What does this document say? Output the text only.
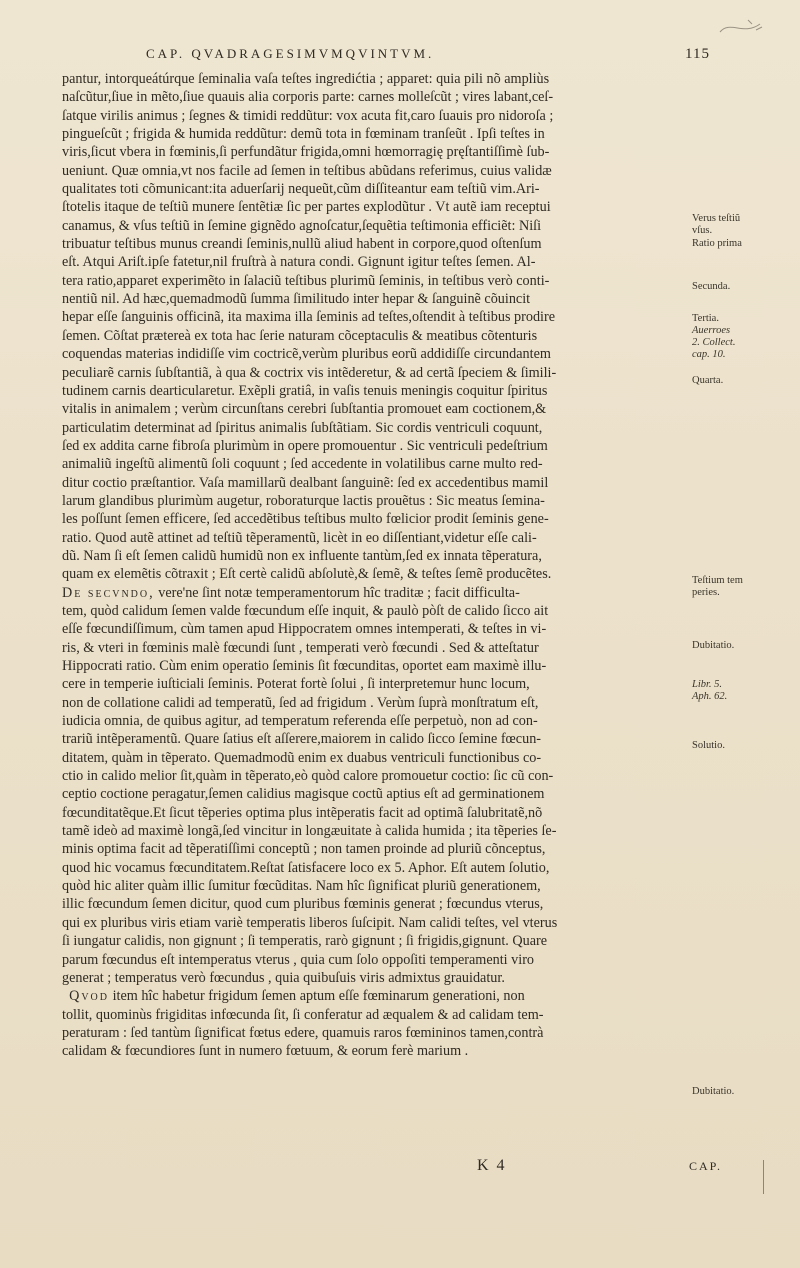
CAP. QVADRAGESIMVMQVINTVM.	115

pantur, intorqueátúrque ſeminalia vaſa teſtes ingredićtia ; apparet: quia pili nõ ampliùs

naſcũtur,ſiue in mẽto,ſiue quauis alia corporis parte: carnes molleſcũt ; vires labant,ceſ-

ſatque virilis animus ; ſegnes & timidi reddũtur: vox acuta fit,caro ſuauis pro nidoroſa ;

pingueſcũt ; frigida & humida reddũtur: demũ tota in fœminam tranſeũt . Ipſi teſtes in

viris,ſicut vbera in fœminis,ſi perfundãtur frigida,omni hœmorragię pręſtantiſſimè ſub-

ueniunt. Quæ omnia,vt nos facile ad ſemen in teſtibus abũdans referimus, cuius validæ

qualitates toti cõmunicant:ita aduerſarij nequeũt,cũm diſſiteantur eam teſtiũ vim.Ari-

ſtotelis itaque de teſtiũ munere ſentẽtiæ ſic per partes explodũtur . Vt autẽ iam receptui

canamus, & vſus teſtiũ in ſemine gignẽdo agnoſcatur,ſequẽtia teſtimonia efficiẽt: Niſi

tribuatur teſtibus munus creandi ſeminis,nullũ aliud habent in corpore,quod oſtenſum

eſt. Atqui Ariſt.ipſe fatetur,nil fruſtrà à natura condi. Gignunt igitur teſtes ſemen. Al-

tera ratio,apparet experimẽto in ſalaciũ teſtibus plurimũ ſeminis, in teſtibus verò conti-

nentiũ nil. Ad hæc,quemadmodũ ſumma ſimilitudo inter hepar & ſanguinẽ cõuincit

hepar eſſe ſanguinis officinã, ita maxima illa ſeminis ad teſtes,oſtendit à teſtibus prodire

ſemen. Cõſtat prætereà ex tota hac ſerie naturam cõceptaculis & meatibus cõtenturis

coquendas materias indidiſſe vim coctricẽ,verùm pluribus eorũ addidiſſe circundantem

peculiarẽ carnis ſubſtantiã, à qua & coctrix vis intẽderetur, & ad certã ſpeciem & ſimili-

tudinem carnis dearticularetur. Exẽpli gratiâ, in vaſis tenuis meningis coquitur ſpiritus

vitalis in animalem ; verùm circunſtans cerebri ſubſtantia promouet eam coctionem,&

particulatim determinat ad ſpiritus animalis ſubſtãtiam. Sic cordis ventriculi coquunt,

ſed ex addita carne fibroſa plurimùm in opere promouentur . Sic ventriculi pedeſtrium

animaliũ ingeſtũ alimentũ ſoli coquunt ; ſed accedente in volatilibus carne multo red-

ditur coctio præſtantior. Vaſa mamillarũ dealbant ſanguinẽ: ſed ex accedentibus mamil

larum glandibus plurimùm augetur, roboraturque lactis prouẽtus : Sic meatus ſemina-

les poſſunt ſemen efficere, ſed accedẽtibus teſtibus multo fœlicior prodit ſeminis gene-

ratio. Quod autẽ attinet ad teſtiũ tẽperamentũ, licèt in eo diſſentiant,videtur eſſe cali-

dũ. Nam ſi eſt ſemen calidũ humidũ non ex influente tantùm,ſed ex innata tẽperatura,

quam ex elemẽtis cõtraxit ; Eſt certè calidũ abſolutè,& ſemẽ, & teſtes ſemẽ producẽtes.

De secvndo, vere'ne ſint notæ temperamentorum hîc traditæ ; facit difficulta-

tem, quòd calidum ſemen valde fœcundum eſſe inquit, & paulò pòſt de calido ſicco ait

eſſe fœcundiſſimum, cùm tamen apud Hippocratem omnes intemperati, & teſtes in vi-

ris, & vteri in fœminis malè fœcundi ſunt , temperati verò fœcundi . Sed & atteſtatur

Hippocrati ratio. Cùm enim operatio ſeminis ſit fœcunditas, oportet eam maximè illu-

cere in temperie iuſticiali ſeminis. Poterat fortè ſolui , ſi interpretemur hunc locum,

non de collatione calidi ad temperatũ, ſed ad frigidum . Verùm ſuprà monſtratum eſt,

iudicia omnia, de quibus agitur, ad temperatum referenda eſſe perpetuò, non ad con-

trariũ intẽperamentũ. Quare ſatius eſt aſſerere,maiorem in calido ſicco ſemine fœcun-

ditatem, quàm in tẽperato. Quemadmodũ enim ex duabus ventriculi functionibus co-

ctio in calido melior ſit,quàm in tẽperato,eò quòd calore promouetur coctio: ſic cũ con-

ceptio coctione peragatur,ſemen calidius magisque coctũ aptius eſt ad germinationem

fœcunditatẽque.Et ſicut tẽperies optima plus intẽperatis facit ad optimã ſalubritatẽ,nõ

tamẽ ideò ad maximè longã,ſed vincitur in longæuitate à calida humida ; ita tẽperies ſe-

minis optima facit ad tẽperatiſſimi conceptũ ; non tamen proinde ad pluriũ cõnceptus,

quod hic vocamus fœcunditatem.Reſtat ſatisfacere loco ex 5. Aphor. Eſt autem ſolutio,

quòd hic aliter quàm illic ſumitur fœcũditas. Nam hîc ſignificat pluriũ generationem,

illic fœcundum ſemen dicitur, quod cum pluribus fœminis generat ; fœcundus vterus,

qui ex pluribus viris etiam variè temperatis liberos ſuſcipit. Nam calidi teſtes, vel vterus

ſi iungatur calidis, non gignunt ; ſi temperatis, rarò gignunt ; ſi frigidis,gignunt. Quare

parum fœcundus eſt intemperatus vterus , quia cum ſolo oppoſiti temperamenti viro

generat ; temperatus verò fœcundus , quia quibuſuis viris admixtus grauidatur.

Qvod item hîc habetur frigidum ſemen aptum eſſe fœminarum generationi, non

tollit, quominùs frigiditas infœcunda ſit, ſi conferatur ad æqualem & ad calidam tem-

peraturam : ſed tantùm ſignificat fœtus edere, quamuis raros fœmininos tamen,contrà

calidam & fœcundiores ſunt in numero fœtuum, & eorum ferè marium .

Verus teſtiũ
vſus.
Ratio prima
Secunda.
Tertia.
Auerroes
2. Collect.
cap. 10.
Quarta.
Teſtium tem
peries.
Dubitatio.
Libr. 5.
Aph. 62.
Solutio.
Dubitatio.
K 4	CAP.
